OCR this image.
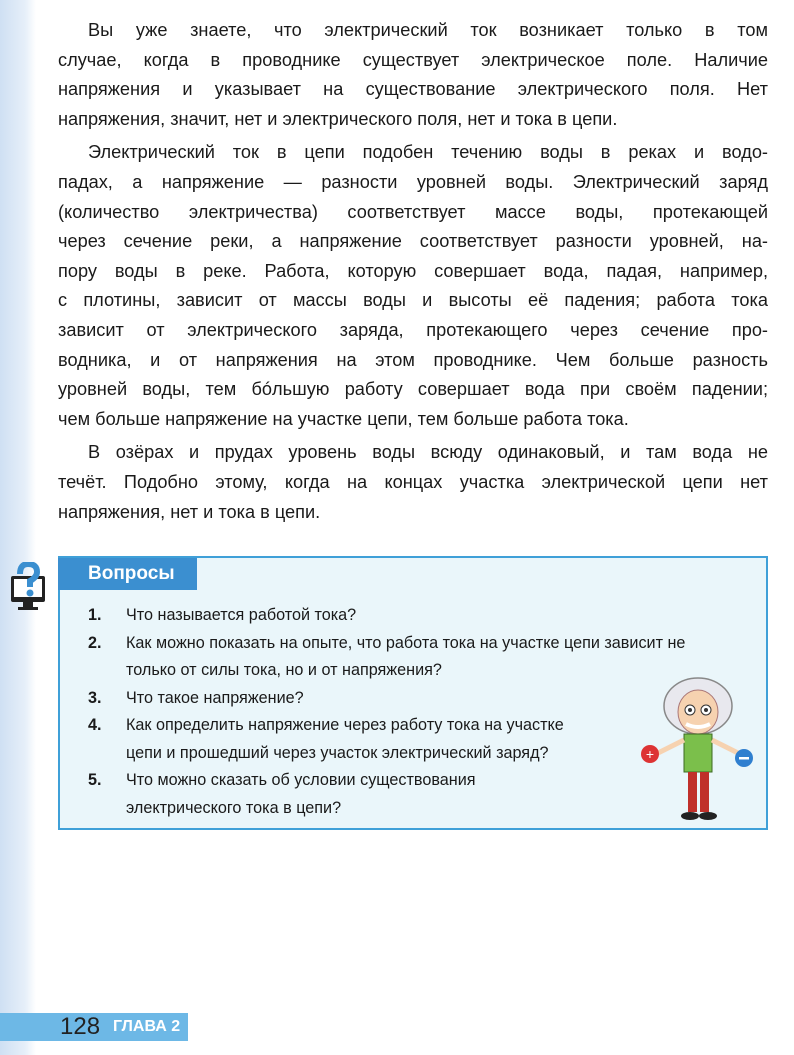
Вы уже знаете, что электрический ток возникает только в том
случае, когда в проводнике существует электрическое поле. Наличие
напряжения и указывает на существование электрического поля. Нет
напряжения, значит, нет и электрического поля, нет и тока в цепи.
Электрический ток в цепи подобен течению воды в реках и водо-
падах, а напряжение — разности уровней воды. Электрический заряд
(количество электричества) соответствует массе воды, протекающей
через сечение реки, а напряжение соответствует разности уровней, на-
пору воды в реке. Работа, которую совершает вода, падая, например,
с плотины, зависит от массы воды и высоты её падения; работа тока
зависит от электрического заряда, протекающего через сечение про-
водника, и от напряжения на этом проводнике. Чем больше разность
уровней воды, тем бóльшую работу совершает вода при своём падении;
чем больше напряжение на участке цепи, тем больше работа тока.
В озёрах и прудах уровень воды всюду одинаковый, и там вода не
течёт. Подобно этому, когда на концах участка электрической цепи нет
напряжения, нет и тока в цепи.
Вопросы
1.	Что называется работой тока?
2.	Как можно показать на опыте, что работа тока на участке цепи зависит не
только от силы тока, но и от напряжения?
3.	Что такое напряжение?
4.	Как определить напряжение через работу тока на участке
цепи и прошедший через участок электрический заряд?
5.	Что можно сказать об условии существования
электрического тока в цепи?
+
128 ГЛАВА 2
